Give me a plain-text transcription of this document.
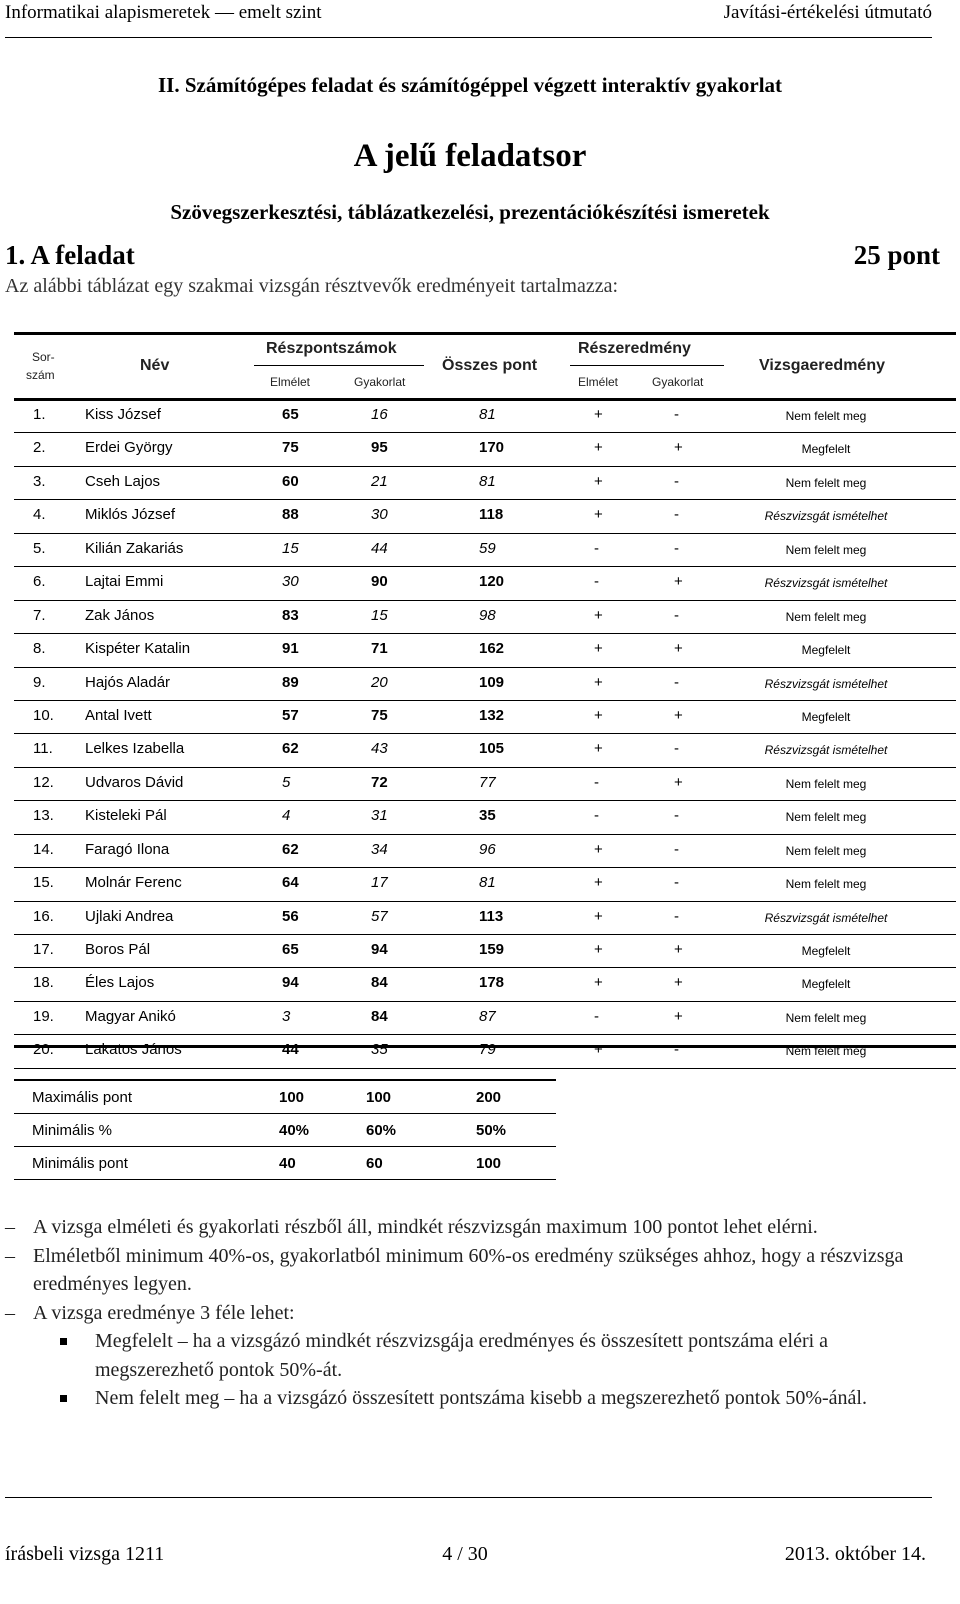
Informatikai alapismeretek — emelt szint	Javítási-értékelési útmutató
II. Számítógépes feladat és számítógéppel végzett interaktív gyakorlat
A jelű feladatsor
Szövegszerkesztési, táblázatkezelési, prezentációkészítési ismeretek
1. A feladat	25 pont
Az alábbi táblázat egy szakmai vizsgán résztvevők eredményeit tartalmazza:
Sor-
szám
Név
Részpontszámok
Elmélet	Gyakorlat
Összes pont
Részeredmény
Elmélet	Gyakorlat
Vizsgaeredmény
1.	Kiss József	65	16	81	+	-	Nem felelt meg
2.	Erdei György	75	95	170	+	+	Megfelelt
3.	Cseh Lajos	60	21	81	+	-	Nem felelt meg
4.	Miklós József	88	30	118	+	-	Részvizsgát ismételhet
5.	Kilián Zakariás	15	44	59	-	-	Nem felelt meg
6.	Lajtai Emmi	30	90	120	-	+	Részvizsgát ismételhet
7.	Zak János	83	15	98	+	-	Nem felelt meg
8.	Kispéter Katalin	91	71	162	+	+	Megfelelt
9.	Hajós Aladár	89	20	109	+	-	Részvizsgát ismételhet
10. Antal Ivett	57	75	132	+	+	Megfelelt
11. Lelkes Izabella	62	43	105	+	-	Részvizsgát ismételhet
12. Udvaros Dávid	5	72	77	-	+	Nem felelt meg
13. Kisteleki Pál	4	31	35	-	-	Nem felelt meg
14. Faragó Ilona	62	34	96	+	-	Nem felelt meg
15. Molnár Ferenc	64	17	81	+	-	Nem felelt meg
16. Ujlaki Andrea	56	57	113	+	-	Részvizsgát ismételhet
17. Boros Pál	65	94	159	+	+	Megfelelt
18. Éles Lajos	94	84	178	+	+	Megfelelt
19. Magyar Anikó	3	84	87	-	+	Nem felelt meg
20. Lakatos János	44	35	79	+	-	Nem felelt meg
Maximális pont	100	100	200
Minimális %	40%	60%	50%
Minimális pont	40	60	100
– A vizsga elméleti és gyakorlati részből áll, mindkét részvizsgán maximum 100 pontot lehet elérni.
– Elméletből minimum 40%-os, gyakorlatból minimum 60%-os eredmény szükséges ahhoz, hogy a részvizsga eredményes legyen.
– A vizsga eredménye 3 féle lehet:
Megfelelt – ha a vizsgázó mindkét részvizsgája eredményes és összesített pontszáma eléri a megszerezhető pontok 50%-át.
Nem felelt meg – ha a vizsgázó összesített pontszáma kisebb a megszerezhető pontok 50%-ánál.
írásbeli vizsga 1211	4 / 30	2013. október 14.
